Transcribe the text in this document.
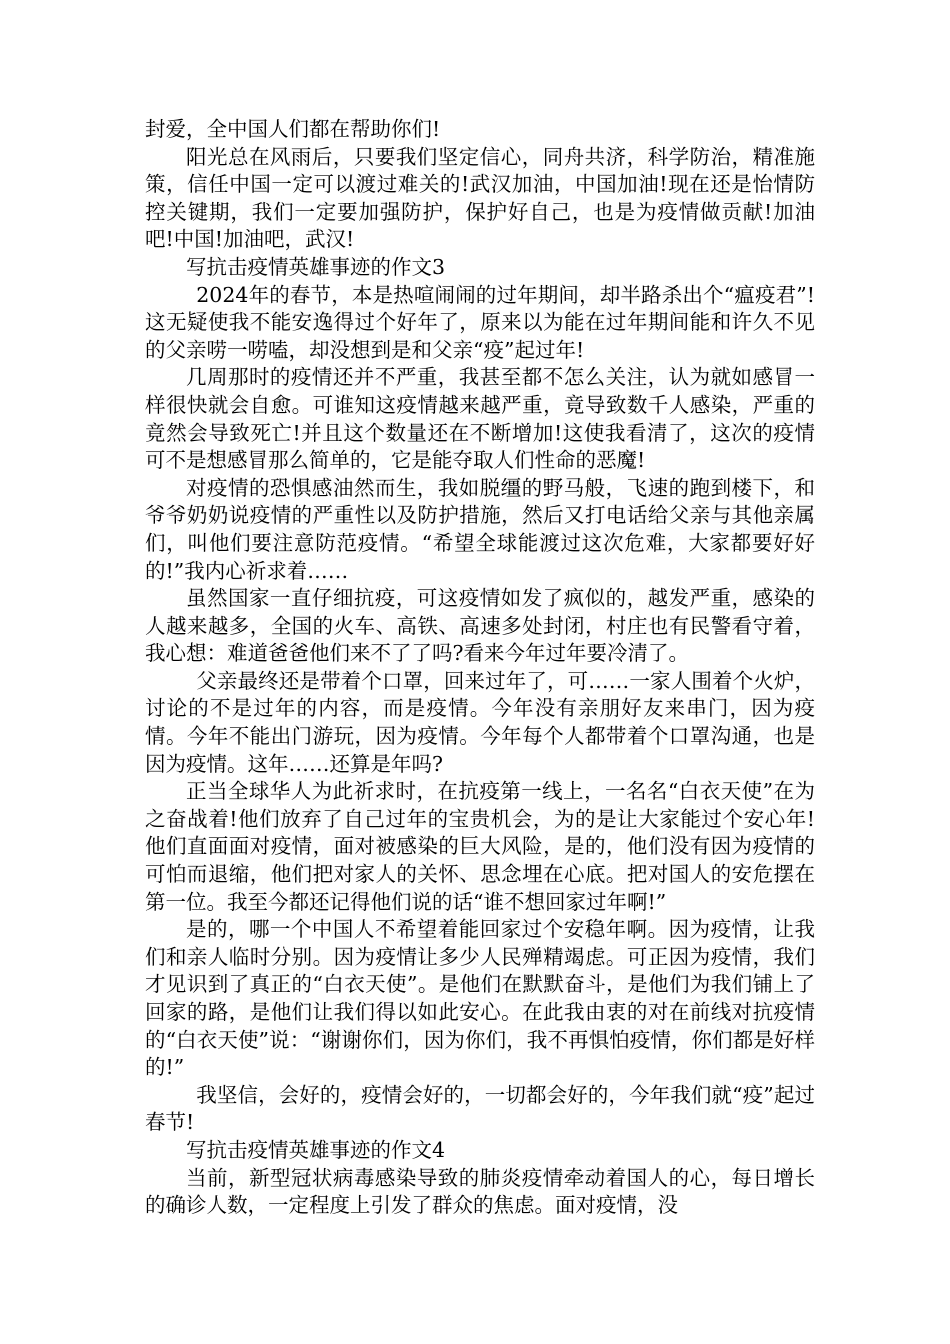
封爱，全中国人们都在帮助你们!

阳光总在风雨后，只要我们坚定信心，同舟共济，科学防治，精准施策，信任中国一定可以渡过难关的!武汉加油，中国加油!现在还是怡情防控关键期，我们一定要加强防护，保护好自己，也是为疫情做贡献!加油吧!中国!加油吧，武汉!

写抗击疫情英雄事迹的作文3

2024年的春节，本是热喧闹闹的过年期间，却半路杀出个“瘟疫君”!这无疑使我不能安逸得过个好年了，原来以为能在过年期间能和许久不见的父亲唠一唠嗑，却没想到是和父亲“疫”起过年!

几周那时的疫情还并不严重，我甚至都不怎么关注，认为就如感冒一样很快就会自愈。可谁知这疫情越来越严重，竟导致数千人感染，严重的竟然会导致死亡!并且这个数量还在不断增加!这使我看清了，这次的疫情可不是想感冒那么简单的，它是能夺取人们性命的恶魔!

对疫情的恐惧感油然而生，我如脱缰的野马般，飞速的跑到楼下，和爷爷奶奶说疫情的严重性以及防护措施，然后又打电话给父亲与其他亲属们，叫他们要注意防范疫情。“希望全球能渡过这次危难，大家都要好好的!”我内心祈求着……

虽然国家一直仔细抗疫，可这疫情如发了疯似的，越发严重，感染的人越来越多，全国的火车、高铁、高速多处封闭，村庄也有民警看守着，我心想：难道爸爸他们来不了了吗?看来今年过年要冷清了。

父亲最终还是带着个口罩，回来过年了，可……一家人围着个火炉，讨论的不是过年的内容，而是疫情。今年没有亲朋好友来串门，因为疫情。今年不能出门游玩，因为疫情。今年每个人都带着个口罩沟通，也是因为疫情。这年……还算是年吗?

正当全球华人为此祈求时，在抗疫第一线上，一名名“白衣天使”在为之奋战着!他们放弃了自己过年的宝贵机会，为的是让大家能过个安心年!他们直面面对疫情，面对被感染的巨大风险，是的，他们没有因为疫情的可怕而退缩，他们把对家人的关怀、思念埋在心底。把对国人的安危摆在第一位。我至今都还记得他们说的话“谁不想回家过年啊!”

是的，哪一个中国人不希望着能回家过个安稳年啊。因为疫情，让我们和亲人临时分别。因为疫情让多少人民殚精竭虑。可正因为疫情，我们才见识到了真正的“白衣天使”。是他们在默默奋斗，是他们为我们铺上了回家的路，是他们让我们得以如此安心。在此我由衷的对在前线对抗疫情的“白衣天使”说：“谢谢你们，因为你们，我不再惧怕疫情，你们都是好样的!”

我坚信，会好的，疫情会好的，一切都会好的，今年我们就“疫”起过春节!

写抗击疫情英雄事迹的作文4

当前，新型冠状病毒感染导致的肺炎疫情牵动着国人的心，每日增长的确诊人数，一定程度上引发了群众的焦虑。面对疫情，没
